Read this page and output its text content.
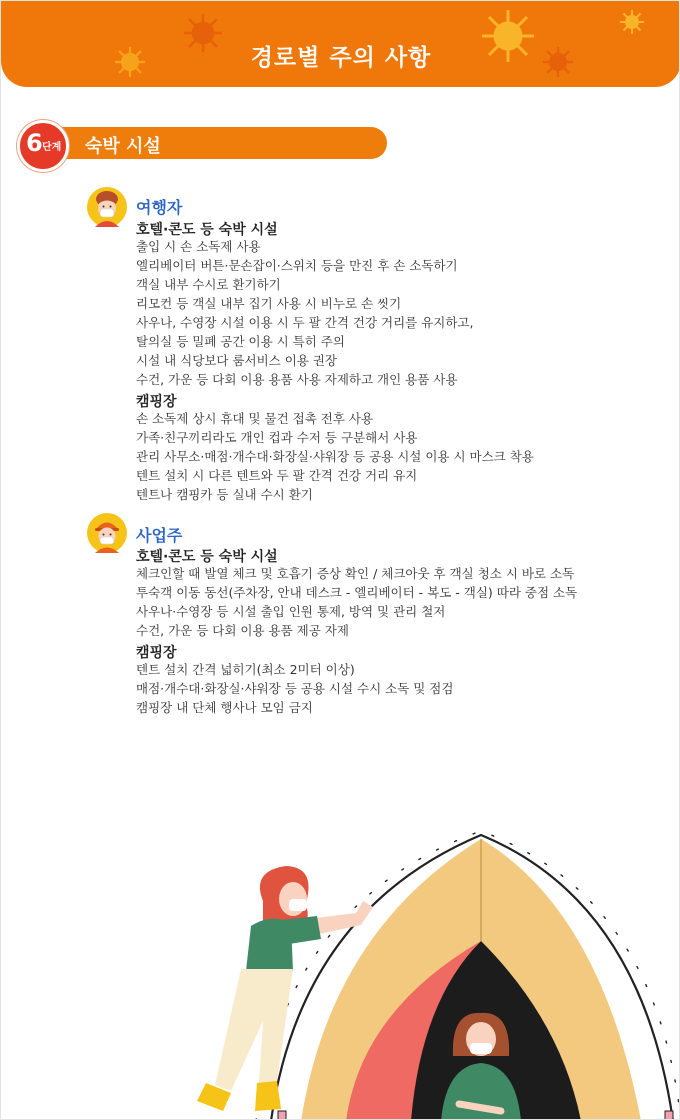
경로별 주의 사항
6 단계 숙박 시설
여행자
호텔·콘도 등 숙박 시설
출입 시 손 소독제 사용
엘리베이터 버튼·문손잡이·스위치 등을 만진 후 손 소독하기
객실 내부 수시로 환기하기
리모컨 등 객실 내부 집기 사용 시 비누로 손 씻기
사우나, 수영장 시설 이용 시 두 팔 간격 건강 거리를 유지하고,
탈의실 등 밀폐 공간 이용 시 특히 주의
시설 내 식당보다 룸서비스 이용 권장
수건, 가운 등 다회 이용 용품 사용 자제하고 개인 용품 사용
캠핑장
손 소독제 상시 휴대 및 물건 접촉 전후 사용
가족·친구끼리라도 개인 컵과 수저 등 구분해서 사용
관리 사무소·매점·개수대·화장실·샤워장 등 공용 시설 이용 시 마스크 착용
텐트 설치 시 다른 텐트와 두 팔 간격 건강 거리 유지
텐트나 캠핑카 등 실내 수시 환기
사업주
호텔·콘도 등 숙박 시설
체크인할 때 발열 체크 및 호흡기 증상 확인 / 체크아웃 후 객실 청소 시 바로 소독
투숙객 이동 동선(주차장, 안내 데스크 - 엘리베이터 - 복도 - 객실) 따라 중점 소독
사우나·수영장 등 시설 출입 인원 통제, 방역 및 관리 철저
수건, 가운 등 다회 이용 용품 제공 자제
캠핑장
텐트 설치 간격 넓히기(최소 2미터 이상)
매점·개수대·화장실·샤워장 등 공용 시설 수시 소독 및 점검
캠핑장 내 단체 행사나 모임 금지
